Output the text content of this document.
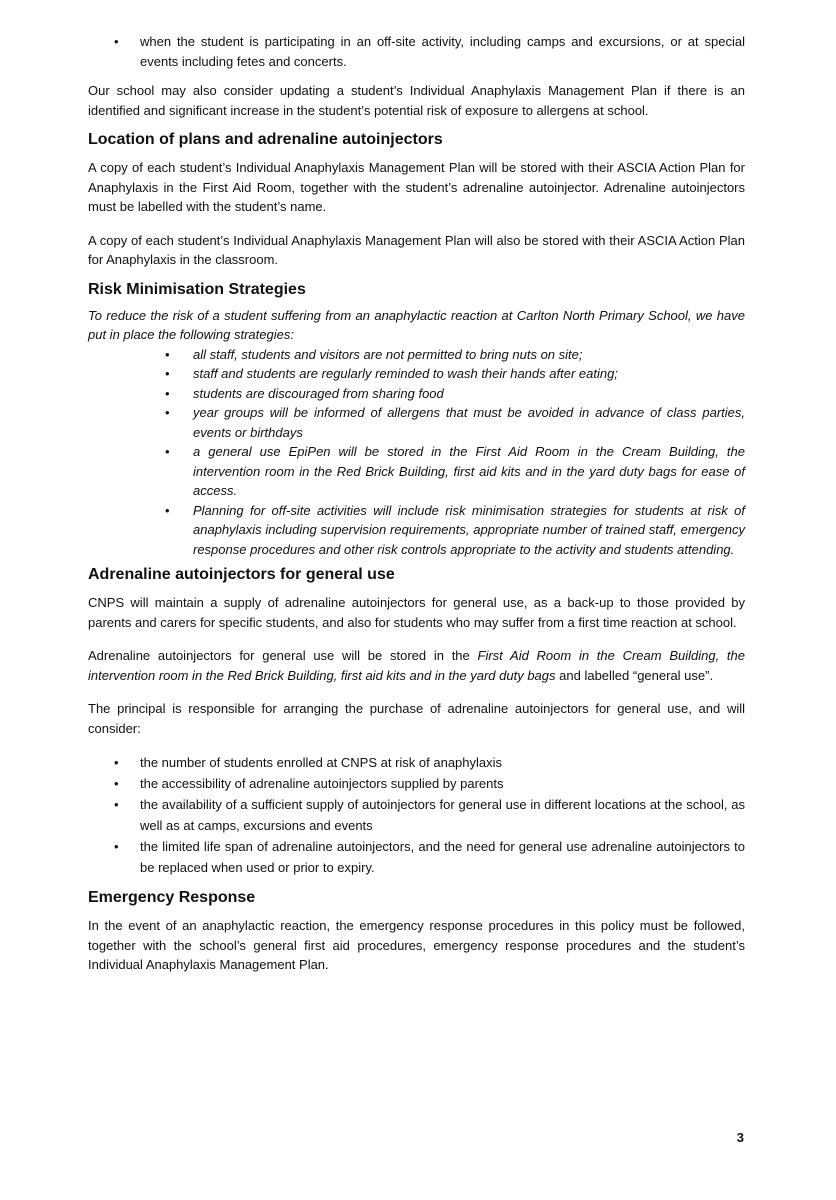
• when the student is participating in an off-site activity, including camps and excursions, or at special events including fetes and concerts.

Our school may also consider updating a student’s Individual Anaphylaxis Management Plan if there is an identified and significant increase in the student’s potential risk of exposure to allergens at school.

Location of plans and adrenaline autoinjectors

A copy of each student’s Individual Anaphylaxis Management Plan will be stored with their ASCIA Action Plan for Anaphylaxis in the First Aid Room, together with the student’s adrenaline autoinjector. Adrenaline autoinjectors must be labelled with the student’s name.

A copy of each student’s Individual Anaphylaxis Management Plan will also be stored with their ASCIA Action Plan for Anaphylaxis in the classroom.

Risk Minimisation Strategies

To reduce the risk of a student suffering from an anaphylactic reaction at Carlton North Primary School, we have put in place the following strategies:

• all staff, students and visitors are not permitted to bring nuts on site;
• staff and students are regularly reminded to wash their hands after eating;
• students are discouraged from sharing food
• year groups will be informed of allergens that must be avoided in advance of class parties, events or birthdays
• a general use EpiPen will be stored in the First Aid Room in the Cream Building, the intervention room in the Red Brick Building, first aid kits and in the yard duty bags for ease of access.
• Planning for off-site activities will include risk minimisation strategies for students at risk of anaphylaxis including supervision requirements, appropriate number of trained staff, emergency response procedures and other risk controls appropriate to the activity and students attending.
Adrenaline autoinjectors for general use

CNPS will maintain a supply of adrenaline autoinjectors for general use, as a back-up to those provided by parents and carers for specific students, and also for students who may suffer from a first time reaction at school.

Adrenaline autoinjectors for general use will be stored in the First Aid Room in the Cream Building, the intervention room in the Red Brick Building, first aid kits and in the yard duty bags and labelled “general use”.

The principal is responsible for arranging the purchase of adrenaline autoinjectors for general use, and will consider:

• the number of students enrolled at CNPS at risk of anaphylaxis
• the accessibility of adrenaline autoinjectors supplied by parents
• the availability of a sufficient supply of autoinjectors for general use in different locations at the school, as well as at camps, excursions and events
• the limited life span of adrenaline autoinjectors, and the need for general use adrenaline autoinjectors to be replaced when used or prior to expiry.
Emergency Response

In the event of an anaphylactic reaction, the emergency response procedures in this policy must be followed, together with the school’s general first aid procedures, emergency response procedures and the student’s Individual Anaphylaxis Management Plan.

3
